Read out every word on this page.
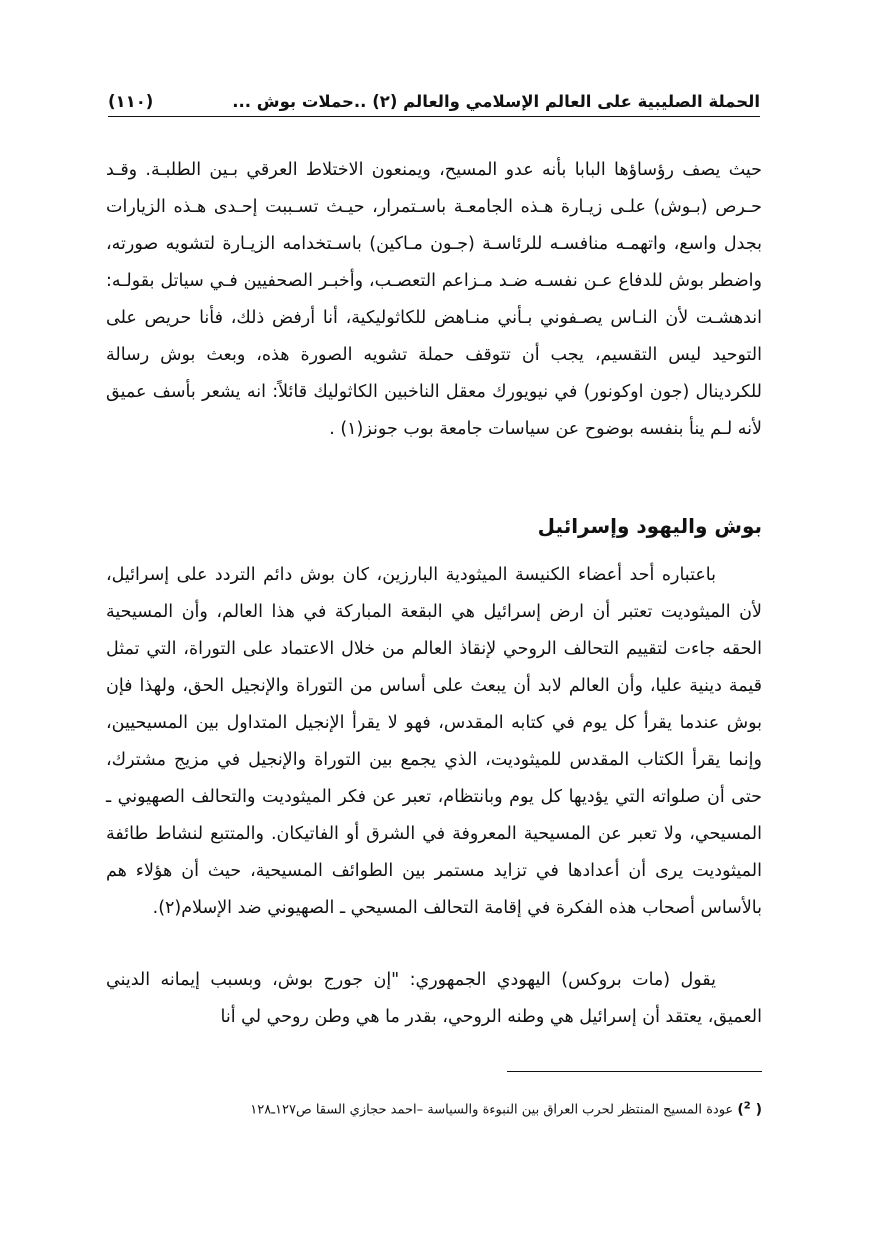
الحملة الصليبية على العالم الإسلامي والعالم (٢) ..حملات بوش ...
(١١٠)

حيث يصف رؤساؤها البابا بأنه عدو المسيح، ويمنعون الاختلاط العرقي بـين الطلبـة. وقـد حـرص (بـوش) علـى زيـارة هـذه الجامعـة باسـتمرار، حيـث تسـببت إحـدى هـذه الزيارات بجدل واسع، واتهمـه منافسـه للرئاسـة (جـون مـاكين) باسـتخدامه الزيـارة لتشويه صورته، واضطر بوش للدفاع عـن نفسـه ضـد مـزاعم التعصـب، وأخبـر الصحفيين فـي سياتل بقولـه: اندهشـت لأن النـاس يصـفوني بـأني منـاهض للكاثوليكية، أنا أرفض ذلك، فأنا حريص على التوحيد ليس التقسيم، يجب أن تتوقف حملة تشويه الصورة هذه، وبعث بوش رسالة للكردينال (جون اوكونور) في نيويورك معقل الناخبين الكاثوليك قائلاً: انه يشعر بأسف عميق لأنه لـم ينأ بنفسه بوضوح عن سياسات جامعة بوب جونز(١) .

بوش واليهود وإسرائيل

باعتباره أحد أعضاء الكنيسة الميثودية البارزين، كان بوش دائم التردد على إسرائيل، لأن الميثوديت تعتبر أن ارض إسرائيل هي البقعة المباركة في هذا العالم، وأن المسيحية الحقه جاءت لتقييم التحالف الروحي لإنقاذ العالم من خلال الاعتماد على التوراة، التي تمثل قيمة دينية عليا، وأن العالم لابد أن يبعث على أساس من التوراة والإنجيل الحق، ولهذا فإن بوش عندما يقرأ كل يوم في كتابه المقدس، فهو لا يقرأ الإنجيل المتداول بين المسيحيين، وإنما يقرأ الكتاب المقدس للميثوديت، الذي يجمع بين التوراة والإنجيل في مزيج مشترك، حتى أن صلواته التي يؤديها كل يوم وبانتظام، تعبر عن فكر الميثوديت والتحالف الصهيوني ـ المسيحي، ولا تعبر عن المسيحية المعروفة في الشرق أو الفاتيكان. والمتتبع لنشاط طائفة الميثوديت يرى أن أعدادها في تزايد مستمر بين الطوائف المسيحية، حيث أن هؤلاء هم بالأساس أصحاب هذه الفكرة في إقامة التحالف المسيحي ـ الصهيوني ضد الإسلام(٢).

يقول (مات بروكس) اليهودي الجمهوري: "إن جورج بوش، وبسبب إيمانه الديني العميق، يعتقد أن إسرائيل هي وطنه الروحي، بقدر ما هي وطن روحي لي أنا

( $^2$) عودة المسيح المنتظر لحرب العراق بين النبوءة والسياسة –احمد حجازي السقا ص١٢٧ـ١٢٨
